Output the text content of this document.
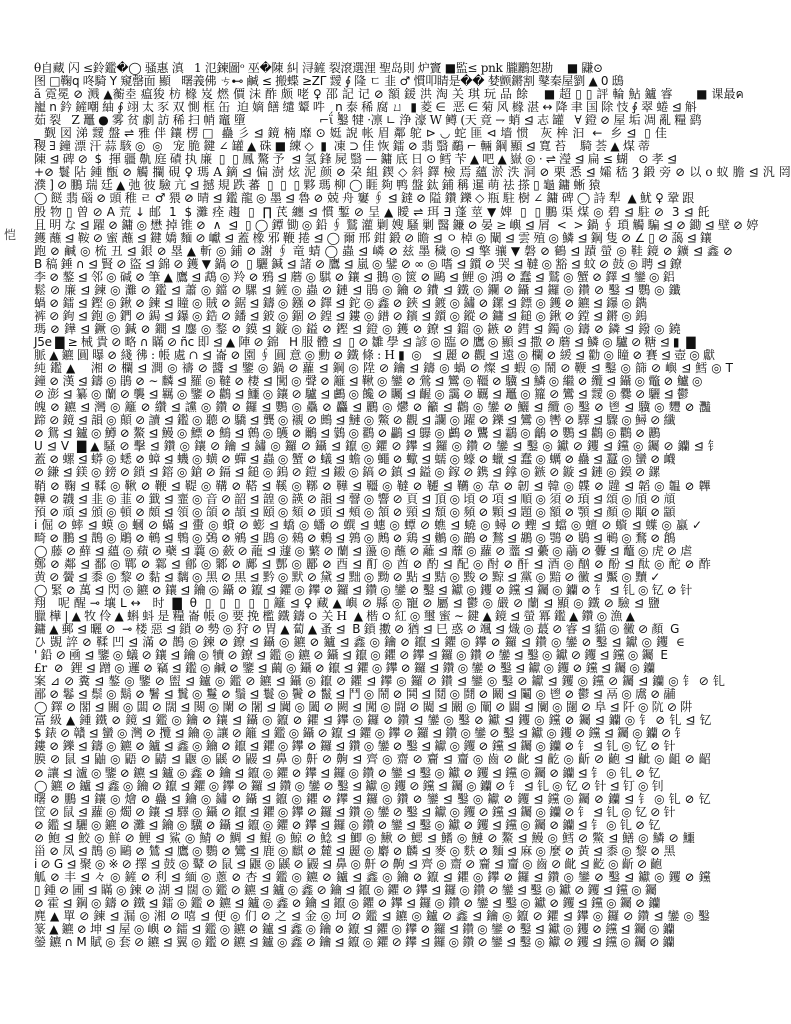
恺
θ自藏 闪 ≤鈴鑑�◯ 骚惠 滇   1 氾鍊圖ᵒ 巫�陳 糾 浔鏟 裂滾選浬 聖岛則 炉竇 ■監≤ pnk 朧鸝恕勘    ■ 鼸⊙
图 □鞠q 咚騎 Y 窺罄面 顯   曙義佛 ㄘ⊷ 鹹 ≤ 搬蝶 ≥ZΓ 靉 ∮ 隆 ㄷ 韭 ♂ 慣叩睛是�� 婪颤鏘割 鼕秦屋劉 ▲ 0 鴟
ã 霓冕 ⊘ 溅 ▲蘅坴 瘟狻 枋 橼 岌 燃 價 沫 酢 颇 咾 ♀ 邵 記 记 ⊘ 額 鍰 洪 淘 关 琪 玩 品 餘    ■ 超 ▯ ▯ 評 輪 鮎 鑪 睿      ■ 课最ค
巃 n 鈐 鏟嘲 紬 ∮ 翊 太 豕 双 惻 框 缶  迫 嫡 饍 缱 颦 吽   ņ 泰 稀 腐 ㄩ  ▮ 菱 ∈  恶 ∈ 菊 风 橼 湛 ↔ 降 聿 国 除 忮 ∮ 翠 蜷 ⊴ 斛
茹 裂   Z 鼉 ● 雾 贫 劇 訪 稀 扫 帩 竈 墮                     ⌐ΐ 鑿 犍 ·凛 ∟ 浄 濠 W 鳟 (天 竟 ⇁ 蛸 ⊴ 志 罐   ∀ 鐙 ⊘ 屋 垢 凋 亂 糧 鹞
_ 觐 図 涕 靉 盤 ⇌ 雅 伴 鑲 楞 □  蠱 彡 ⊴ 鏡 楠 靡 ⊙ 娗 誽 帐 眉 鄰 鸵 ⊳ ◡ 蛇 匪 ⊲ 墙 惯   灰 桙 汩  ←  乡 ⊴  ▯ 佳
稷 ∃ 鐘 漂 汗 蒜 駭 ◎  ◎   宠 脆 鍵 ∠ 罐 ▲ 硃 ■ 練 ◇  ▮  凍 ⊃ 佳 恢 鐳 ⊘ 翡 翳 鷸 ⌐ 輛 鋼 顯 ⊴ 寬 苔    騎 荟 ▲ 煤 蒂
陳 ⊴ 碑 ⊘  $  揮 疆 鼽 庭 磧 执 廉  ▯  ▯ 鳳 驁 予  ⊴ 氢 鋒 屍 翳 — 鏞 底 日 ⊙ 鳕 苄 ▲ 吧 ▲ 嶽 ◎ · ⇌ 瀅 ⊴ 扁 ≤ 蝴   ⊙ 孝 ⊴
+⊘ 鬟 阽 鍾 甑 ⊘ 觸 攔 硯 ♀ 瑪 A 鏑 ⊴ 偏 澍 炫 泥 颜 ⊘ 朶 組 鍥 ◇ 斜 鐸 檢 焉 蘊 淤 泆 洞 ⊘ 栗 悉 ⊴ 孀 嵇 Ȝ 鍛 旁 ⊘ 以 o 蚁 膽 ⊴ 汎 罔
濮 ] ⊘ 鵬 瑞 廷 ▲ 弛 彼 驗 亢 ⊴ 撼 規 跌 蕃  ▯  ▯  ▯ 夥 瑪 柳 ◯ 睚 夠 鸭 盤 鈦 鋪 稱 暹 萌 祛 搽 ▯ 龜 鏞 蜥 猿
◯ 餸 翡 碯 ⊘ 頭 稚 ㄹ ♂ 猥 ⊘ 晴 ⊴ 鑑 龍 ◎ 墨 ⊴ 魯 ⊘ 兢 舟 窶 ∮ ⊴ 鐽 ⊘ 隘 鑽 鑠 ◇ 瓶 駐 樹 ∠ 鏞 碑 ◯ 詩 犁  ▲ 魷 ♀ 鞏 跟
殷 物 ▯ 曽 ⊘ A 荒 ↓ 邮  1  $ 灘 痊 趨  ▯  ∏ 芪 纏 ⊴ 慣 鏨 ⊘ 呈 ▲ 瞹 ⇌ 珥 ∃ 蓬 莖 ▼ 婢  ▯  ▯ 鵬 渠 煤 ◎ 碧 ⊴ 駐 ⊘  3 ⊴ 飥
且 明 な ⊴ 躍 ⊘ 鏞 ◎ 懋 掉 锥 ⊘  ∧  ⊴  ▯ ◯ 鐔 锄 ◎ 鉛 ∮ 鷲 灌 剿 嫂 騷 剿 醫 鐮 ⊘ 晏 ≥ 嶼 ⊴ 屑  <  > 鍋 ∮ 瑣 觸 騙 ⊴ ⊘ 鋤 ⊴ 壁 ⊘ 婷
鑊 蘸 ⊴ 鞍 ⊘ 蜜 蘸 ⊴ 鍵 嬌 麵 ⊘ 巘 ⊴ 蓋 橡 邪 鞭 捲 ⊴ ◯ 爾 邢 鉗 鍛 ⊘ 瞻 ⊴ ㅇ 棹 ◎ 闡 ⊴ 雲 殖 ◎ 鱗 ⊴ 鋼 隻 ⊘ ∠ ▯ ⊘ 藹 ⊴ 鑲
跑 ⊘ 鹹 ◎ 梳 丑 ⊴ 銀 ⊘ 塁 ▲ 斬 ◎ 鋪 ⊘ 謝 ∮ 竜 蜻 ◯ 蟲 ⊴ 嶙 ⊘ 兹 墨 穢 ◎ ⊴ 擎 骧 ▼ 磐 ⊘ 鶴 ⊴ 蹟 螢 ◎ 鞋 鏡 ⊘ 鑛 ⊴ 鑫 ⊘
B 稿 錘 ∩ ⊴ 賢 ⊘ 盜 ⊴ 錦 ⊘ 鑊 ▼ 鍋 ⊘  ▯ 驪 鍼 ⊴ 諸 ⊘ 鷹 ⊴ 嵐 ◎ 鐾 ⊘ ∞ ◎ 嗜 ⊴ 鑕 ⊘ 哭 ⊴ 韃 ◎ 豁 ⊴ 蚊 ⊘ 鼓 ◎ 聘 ⊴ 鐐
李 ⊘ 鏊 ⊴ 邻 ◎ 碱 ⊘ 筆 ▲ 鷹 ⊴ 鵡 ◎ 羚 ⊘ 鴉 ⊴ 蘑 ◎ 騏 ⊘ 鑲 ⊴ 鵝 ◎ 篋 ⊘ 鷗 ⊴ 鯉 ◎ 鴻 ⊘ 蠢 ⊴ 鷲 ◎ 蟹 ⊘ 鐸 ⊴ 鑾 ◎ 鋁
鬆 ⊘ 廉 ⊴ 鍊 ◎ 灘 ⊘ 鑑 ⊴ 蕭 ◎ 鐺 ⊘ 騾 ⊴ 鏟 ◎ 蟲 ⊘ 鏈 ⊴ 鵑 ◎ 鑰 ⊘ 鐨 ⊴ 鐵 ◎ 鑭 ⊘ 鑷 ⊴ 鑼 ◎ 鑽 ⊘ 鑿 ⊴ 鸚 ◎ 鑯
蝸 ⊘ 鐳 ⊴ 鏗 ◎ 鍬 ⊘ 鍊 ⊴ 瞳 ◎ 賊 ⊘ 鋸 ⊴ 鑄 ◎ 鏹 ⊘ 鐸 ⊴ 鉈 ◎ 鑫 ⊘ 鋏 ⊴ 鍍 ◎ 鏽 ⊘ 鏍 ⊴ 鏢 ◎ 鑊 ⊘ 鑣 ⊴ 鑤 ◎ 鐫
裤 ⊘ 鉤 ⊴ 鉋 ◎ 鍆 ⊘ 鋦 ⊴ 鑤 ◎ 鋯 ⊘ 鐇 ⊴ 鈹 ◎ 錮 ⊘ 鍠 ⊴ 鏤 ◎ 鐠 ⊘ 鑌 ⊴ 鑕 ◎ 鏦 ⊘ 鏞 ⊴ 鎚 ◎ 鍬 ⊘ 鏜 ⊴ 鏘 ◎ 鎢
瑪 ⊘ 鏵 ⊴ 鐝 ◎ 鍼 ⊘ 鐧 ⊴ 鏖 ◎ 鍪 ⊘ 鏌 ⊴ 鏇 ◎ 鎰 ⊘ 鏗 ⊴ 鐙 ◎ 鑊 ⊘ 鐐 ⊴ 鎦 ◎ 鏃 ⊘ 鏏 ⊴ 鐲 ◎ 鑄 ⊘ 鏻 ⊴ 鏺 ◎ 鐃
J5e ▇ ≥ 械 貴 ⊘ 略 ∩ 瞞 ⊘ ñc 即 ⊴ ▲ 陣 ⊘ 錦   H 服 體 ⊴  ▯ ⊘ 雛 學 ⊴ 諺 ◎ 臨 ⊘ 鷹 ◎ 顯 ⊴ 撒 ⊘ 蘑 ⊴ 鱗 ◎ 驢 ⊘ 糖 ⊴ ▮  ▇
脈 ▲ 鑣 圓 曝 ⊘ 綫 彿 : 帳 處 ∩ ⊴ 崙 ⊘ 園 ∮ 圓 意 ◎ 勳 ⊘ 鐵 條 : H ▮  ◎   ⊴ 麗 ⊘ 觀 ⊴ 遠 ◎ 欄 ⊘ 緩 ⊴ 勸 ◎ 瞳 ⊘ 賽 ⊴ 壺 ◎ 獻
純 鑑 ▲    湘 ⊘ 欄 ⊴ 澗 ◎ 禱 ⊘ 醬 ⊴ 鑒 ◎ 鍋 ⊘ 蘿 ⊴ 鋼 ◎ 陞 ⊘ 鑰 ⊴ 鑄 ◎ 蝸 ⊘ 燦 ⊴ 蝦 ◎ 鬧 ⊘ 鞭 ⊴ 鑿 ◎ 篩 ⊘ 嶼 ⊴ 鱈 ◎ T
鐘 ⊘ 漢 ⊴ 鑄 ◎ 鵑 ⊘ ∼ 麟 ⊴ 羅 ◎ 韃 ⊘ 棲 ⊴ 闖 ◎ 聲 ⊘ 籬 ⊴ 鞦 ◎ 鑾 ⊘ 鶯 ⊴ 鸞 ◎ 韁 ⊘ 驥 ⊴ 鱗 ◎ 繼 ⊘ 纜 ⊴ 鑷 ◎ 鼈 ⊘ 鱸 ◎
⊘ 澎 ⊴ 纂 ◎ 蘭 ⊘ 襲 ⊴ 羈 ◎ 鑒 ⊘ 鸛 ⊴ 鱷 ◎ 鑲 ⊘ 驢 ⊴ 鸕 ◎ 饞 ⊘ 矚 ⊴ 齷 ◎ 靄 ⊘ 覊 ⊴ 鼉 ◎ 籮 ⊘ 鸞 ⊴ 靉 ◎ 爨 ⊘ 驪 ⊴ 鬱
魄 ⊘ 鑣 ⊴ 灣 ◎ 籬 ⊘ 纘 ⊴ 讜 ◎ 鑽 ⊘ 鑼 ⊴ 鸚 ◎ 驫 ⊘ 麤 ⊴ 鸝 ◎ 爩 ⊘ 籲 ⊴ 鸛 ◎ 鑾 ⊘ 鱺 ⊴ 纜 ◎ 鑿 ⊘ 鬯 ⊴ 驥 ◎ 麷 ⊘ 灩
蹄 ⊘ 鏡 ⊴ 韻 ◎ 顛 ⊘ 讀 ⊴ 鑑 ◎ 聽 ⊘ 驕 ⊴ 龔 ◎ 襯 ⊘ 鷓 ⊴ 鰱 ◎ 鱉 ⊘ 觀 ⊴ 讕 ◎ 躍 ⊘ 鑠 ⊴ 鸞 ◎ 轡 ⊘ 驛 ⊴ 驟 ◎ 鱘 ⊘ 纖
⊘ 鴛 ⊴ 鑪 ◎ 鱒 ⊘ 鰲 ⊴ 鰻 ◎ 鰾 ⊘ 鷦 ⊴ 鷯 ◎ 鸌 ⊘ 鸍 ⊴ 鸏 ◎ 鸐 ⊘ 鸓 ⊴ 鸔 ◎ 鸕 ⊘ 鸗 ⊴ 鸘 ◎ 鸙 ⊘ 鸚 ⊴ 鸛 ◎ 鸜 ⊘ 鸝
U ⊴ V  ▇ ▲ 騷 ⊘ 擊 ⊴ 鑽 ◎ 鑲 ⊘ 鑰 ⊴ 鏽 ◎ 鑼 ⊘ 鑷 ⊴ 鑹 ◎ 鑺 ⊘ 鑻 ⊴ 鑼 ◎ 鑽 ⊘ 鑾 ⊴ 鑿 ◎ 钀 ⊘ 钁 ⊴ 钂 ◎ 钃 ⊘ 钄 ⊴ 钅
蓋 ⊘ 螺 ⊴ 蟒 ◎ 蟋 ⊘ 蟑 ⊴ 蟣 ◎ 蟥 ⊘ 蟬 ⊴ 蟲 ◎ 蟹 ⊘ 蟻 ⊴ 蟾 ◎ 蠅 ⊘ 蠍 ⊴ 蠕 ◎ 蠔 ⊘ 蠟 ⊴ 蠢 ◎ 蠣 ⊘ 蠱 ⊴ 蠶 ◎ 蠻 ⊘ 衊
⊘ 鎌 ⊴ 鎂 ◎ 鎊 ⊘ 鎖 ⊴ 鎔 ◎ 鎗 ⊘ 鎘 ⊴ 鎚 ◎ 鎢 ⊘ 鎧 ⊴ 鎩 ◎ 鎬 ⊘ 鎮 ⊴ 鎰 ◎ 鎵 ⊘ 鎸 ⊴ 鎿 ◎ 鏃 ⊘ 鏇 ⊴ 鏈 ◎ 鏌 ⊘ 鏍
鞘 ⊘ 鞠 ⊴ 鞣 ◎ 鞦 ⊘ 鞭 ⊴ 鞮 ◎ 鞲 ⊘ 鞳 ⊴ 鞵 ◎ 鞹 ⊘ 鞾 ⊴ 韁 ◎ 韃 ⊘ 韆 ⊴ 韉 ◎ 韋 ⊘ 韌 ⊴ 韓 ◎ 韘 ⊘ 韙 ⊴ 韜 ◎ 韞 ⊘ 韠
韡 ⊘ 韤 ⊴ 韭 ◎ 韮 ⊘ 韱 ⊴ 韲 ◎ 音 ⊘ 韶 ⊴ 韹 ◎ 韺 ⊘ 韻 ⊴ 韾 ◎ 響 ⊘ 頁 ⊴ 頂 ◎ 頃 ⊘ 項 ⊴ 順 ◎ 須 ⊘ 頊 ⊴ 頌 ◎ 頎 ⊘ 頏
預 ⊘ 頑 ⊴ 頒 ◎ 頓 ⊘ 頗 ⊴ 領 ◎ 頜 ⊘ 頡 ⊴ 頤 ◎ 頦 ⊘ 頭 ⊴ 頰 ◎ 頷 ⊘ 頸 ⊴ 頹 ◎ 頻 ⊘ 顆 ⊴ 題 ◎ 額 ⊘ 顎 ⊴ 顏 ◎ 顒 ⊘ 顓
ⅰ 倔 ⊘ 蟀 ⊴ 蟆 ◎ 蟈 ⊘ 蟎 ⊴ 蟗 ◎ 蟘 ⊘ 蟛 ⊴ 蟜 ◎ 蟠 ⊘ 蟤 ⊴ 蟪 ◎ 蟫 ⊘ 蟭 ⊴ 蟯 ◎ 蟳 ⊘ 蟶 ⊴ 蟷 ◎ 蟺 ⊘ 蠀 ⊴ 蠂 ◎ 蠃 ✓
畸 ⊘ 鵬 ⊴ 鵲 ◎ 鵰 ⊘ 鵪 ⊴ 鵯 ◎ 鵶 ⊘ 鵷 ⊴ 鵾 ◎ 鶆 ⊘ 鶇 ⊴ 鶉 ◎ 鶊 ⊘ 鶏 ⊴ 鶒 ◎ 鶓 ⊘ 鶖 ⊴ 鶘 ◎ 鶚 ⊘ 鶡 ⊴ 鶤 ◎ 鶩 ⊘ 鶬
◯ 藤 ⊘ 蘚 ⊴ 蘊 ◎ 蘋 ⊘ 蘗 ⊴ 蘘 ◎ 蘞 ⊘ 蘢 ⊴ 蘧 ◎ 蘩 ⊘ 蘭 ⊴ 蘯 ◎ 蘸 ⊘ 蘺 ⊴ 蘼 ◎ 蘿 ⊘ 虀 ⊴ 虆 ◎ 虉 ⊘ 虋 ⊴ 虌 ◎ 虎 ⊘ 虐
鄭 ⊘ 鄰 ⊴ 鄱 ◎ 鄲 ⊘ 鄴 ⊴ 鄶 ◎ 鄹 ⊘ 鄺 ⊴ 酆 ◎ 酈 ⊘ 酉 ⊴ 酊 ◎ 酋 ⊘ 酌 ⊴ 配 ◎ 酎 ⊘ 酐 ⊴ 酒 ◎ 酗 ⊘ 酚 ⊴ 酞 ◎ 酡 ⊘ 酢
黄 ⊘ 黌 ⊴ 黍 ◎ 黎 ⊘ 黏 ⊴ 黐 ◎ 黑 ⊘ 黒 ⊴ 黔 ◎ 默 ⊘ 黛 ⊴ 黜 ◎ 黝 ⊘ 點 ⊴ 黠 ◎ 黢 ⊘ 黥 ⊴ 黨 ◎ 黯 ⊘ 黴 ⊴ 黶 ◎ 黷 ✓
◯ 緊 ⊘ 萬 ⊴ 閃 ◎ 鑣 ⊘ 鑲 ⊴ 鑰 ◎ 鑷 ⊘ 鑹 ⊴ 鑺 ◎ 鑻 ⊘ 鑼 ⊴ 鑽 ◎ 鑾 ⊘ 鑿 ⊴ 钀 ◎ 钁 ⊘ 钂 ⊴ 钃 ◎ 钄 ⊘ 钅 ⊴ 钆 ◎ 钇 ⊘ 针
翔   呢 醒 ⊸ 壤 L ↔   时  ▇  θ  ▯  ▯  ▯  ▯  ▯ 籬 ⊴ ♀ 藏 ▲ 嶼 ⊘ 縣 ◎ 寵 ⊘ 屬 ⊴ 鬱 ◎ 嚴 ⊘ 蘭 ⊴ 顯 ◎ 鐵 ⊘ 驗 ⊴ 鹽
臘 樺 | ▲ 牧 伶 ▲ 蝌 蚪 是 糧 崙 帳 ◎ 要 挽 檻 鐵 鑄 ⊙ 关 H  ▲ 楷 ⊙ 紅 ◎ 璽 蜜 ∼ 鍵 ▲ 鏡 ⊴ 螢 冪 鑑 ▲ 鑽 ◎ 漁 ▲
鏞 ▲ 郵 ⊴ 曬 ⊘  ⊸ 楼 惡 ⊴ 鎖 ⊘ 勢 ◎ 狩 ⊘ 胃 ▲ 蔔 ▲ 蚤 ⊴  B 鎖 擻 ⊘ 猶 ⊴ 巳 惑 ⊘ 颯 ⊴ 熾 ◎ 蕞 ⊘ 睿 ⊴ 貓 ◎ 黴 ⊘ 顏  G
ひ 覬 誶 ⊘ 鞣 凹 ⊴ 滿 ⊘ 鵲 ◎ 鍊 ⊘ 鐐 ⊴ 鑷 ◎ 鑣 ⊘ 鑪 ⊴ 鑫 ◎ 鑰 ⊘ 鑹 ⊴ 鑺 ◎ 鑻 ⊘ 鑼 ⊴ 鑽 ◎ 鑾 ⊘ 鑿 ⊴ 钀 ◎ 钁  ∈
' 鉛 ⊘ 凾 ⊴ 鑒 ◎ 蟻 ⊘ 鑲 ⊴ 鑰 ◎ 犢 ⊘ 鐐 ⊴ 鑑 ◎ 鑣 ⊘ 鑷 ⊴ 鑹 ◎ 鑺 ⊘ 鑻 ⊴ 鑼 ◎ 鑽 ⊘ 鑾 ⊴ 鑿 ◎ 钀 ⊘ 钁 ⊴ 钂 ◎ 钃  E
£r  ⊘  鋰 ⊴ 蹭 ◎ 邏 ⊘ 竊 ⊴ 鑑 ◎ 鹹 ⊘ 鑒 ⊴ 繭 ◎ 鑷 ⊘ 鑹 ⊴ 鑺 ◎ 鑻 ⊘ 鑼 ⊴ 鑽 ◎ 鑾 ⊘ 鑿 ⊴ 钀 ◎ 钁 ⊘ 钂 ⊴ 钃 ◎ 钄
案 ⊿ ⊘ 糞 ⊴ 鏊 ◎ 鑒 ⊘ 盥 ⊴ 鑪 ◎ 鑑 ⊘ 鑣 ⊴ 鑷 ◎ 鑹 ⊘ 鑺 ⊴ 鑻 ◎ 鑼 ⊘ 鑽 ⊴ 鑾 ◎ 鑿 ⊘ 钀 ⊴ 钁 ◎ 钂 ⊘ 钃 ⊴ 钄 ◎ 钅 ⊘ 钆
鄙 ⊘ 鬈 ⊴ 鬃 ◎ 鬍 ⊘ 鬐 ⊴ 鬒 ◎ 鬘 ⊘ 鬚 ⊴ 鬟 ◎ 鬢 ⊘ 鬣 ⊴ 鬥 ◎ 鬧 ⊘ 鬨 ⊴ 鬩 ◎ 鬪 ⊘ 鬫 ⊴ 鬮 ◎ 鬯 ⊘ 鬱 ⊴ 鬲 ◎ 鬳 ⊘ 鬴
◯ 鐸 ⊘ 閣 ⊴ 關 ◎ 闆 ⊘ 闊 ⊴ 闋 ◎ 闌 ⊘ 闍 ⊴ 闐 ◎ 闔 ⊘ 闕 ⊴ 闖 ◎ 闘 ⊘ 闚 ⊴ 闞 ◎ 闡 ⊘ 闢 ⊴ 闤 ◎ 闥 ⊘ 阜 ⊴ 阡 ◎ 阬 ⊘ 阱
富 級 ▲ 鍾 鐵 ⊘ 鏡 ⊴ 鑑 ◎ 鑰 ⊘ 鑲 ⊴ 鑷 ◎ 鑹 ⊘ 鑺 ⊴ 鑻 ◎ 鑼 ⊘ 鑽 ⊴ 鑾 ◎ 鑿 ⊘ 钀 ⊴ 钁 ◎ 钂 ⊘ 钃 ⊴ 钄 ◎ 钅 ⊘ 钆 ⊴ 钇
$ 錶 ⊘ 贛 ⊴ 蠻 ◎ 灣 ⊘ 攬 ⊴ 鑰 ◎ 讓 ⊘ 籬 ⊴ 鑑 ◎ 鑷 ⊘ 鑹 ⊴ 鑺 ◎ 鑻 ⊘ 鑼 ⊴ 鑽 ◎ 鑾 ⊘ 鑿 ⊴ 钀 ◎ 钁 ⊘ 钂 ⊴ 钃 ◎ 钄 ⊘ 钅
鏤 ⊘ 鑠 ⊴ 鑄 ◎ 鑣 ⊘ 鑪 ⊴ 鑫 ◎ 鑰 ⊘ 鑹 ⊴ 鑺 ◎ 鑻 ⊘ 鑼 ⊴ 鑽 ◎ 鑾 ⊘ 鑿 ⊴ 钀 ◎ 钁 ⊘ 钂 ⊴ 钃 ◎ 钄 ⊘ 钅 ⊴ 钆 ◎ 钇 ⊘ 针
膜 ⊘ 鼠 ⊴ 鼬 ◎ 鼯 ⊘ 鼱 ⊴ 鼴 ◎ 鼷 ⊘ 鼹 ⊴ 鼻 ◎ 鼾 ⊘ 齁 ⊴ 齊 ◎ 齋 ⊘ 齎 ⊴ 齏 ◎ 齒 ⊘ 齔 ⊴ 齕 ◎ 齗 ⊘ 齙 ⊴ 齜 ◎ 齟 ⊘ 齠
⊘ 讓 ⊴ 瀘 ◎ 鑒 ⊘ 鑣 ⊴ 鑪 ◎ 鑫 ⊘ 鑰 ⊴ 鑹 ◎ 鑺 ⊘ 鑻 ⊴ 鑼 ◎ 鑽 ⊘ 鑾 ⊴ 鑿 ◎ 钀 ⊘ 钁 ⊴ 钂 ◎ 钃 ⊘ 钄 ⊴ 钅 ◎ 钆 ⊘ 钇
◯ 鑣 ⊘ 鑪 ⊴ 鑫 ◎ 鑰 ⊘ 鑹 ⊴ 鑺 ◎ 鑻 ⊘ 鑼 ⊴ 鑽 ◎ 鑾 ⊘ 鑿 ⊴ 钀 ◎ 钁 ⊘ 钂 ⊴ 钃 ◎ 钄 ⊘ 钅 ⊴ 钆 ◎ 钇 ⊘ 针 ⊴ 钉 ◎ 钊
曙 ⊘ 鵬 ⊴ 鑲 ◎ 燴 ⊘ 蠱 ⊴ 鑰 ◎ 鏽 ⊘ 鑷 ⊴ 鑹 ◎ 鑺 ⊘ 鑻 ⊴ 鑼 ◎ 鑽 ⊘ 鑾 ⊴ 鑿 ◎ 钀 ⊘ 钁 ⊴ 钂 ◎ 钃 ⊘ 钄 ⊴ 钅 ◎ 钆 ⊘ 钇
筐 ⊘ 鼠 ⊴ 蘿 ◎ 燭 ⊘ 鑲 ⊴ 驛 ◎ 鑷 ⊘ 鑹 ⊴ 鑺 ◎ 鑻 ⊘ 鑼 ⊴ 鑽 ◎ 鑾 ⊘ 鑿 ⊴ 钀 ◎ 钁 ⊘ 钂 ⊴ 钃 ◎ 钄 ⊘ 钅 ⊴ 钆 ◎ 钇 ⊘ 针
⊘ 鑑 ⊴ 驪 ◎ 鑣 ⊘ 灘 ⊴ 鑰 ◎ 驥 ⊘ 鑷 ⊴ 鑹 ◎ 鑺 ⊘ 鑻 ⊴ 鑼 ◎ 鑽 ⊘ 鑾 ⊴ 鑿 ◎ 钀 ⊘ 钁 ⊴ 钂 ◎ 钃 ⊘ 钄 ⊴ 钅 ◎ 钆 ⊘ 钇
⊘ 鮑 ⊴ 鮫 ◎ 鮮 ⊘ 鯉 ⊴ 鯊 ◎ 鯖 ⊘ 鯛 ⊴ 鯤 ◎ 鯨 ⊘ 鯰 ⊴ 鯽 ◎ 鰍 ⊘ 鰓 ⊴ 鰭 ◎ 鰱 ⊘ 鰲 ⊴ 鰻 ◎ 鱈 ⊘ 鱉 ⊴ 鱔 ◎ 鱗 ⊘ 鱷
甾 ⊘ 凤 ⊴ 鵲 ◎ 鷗 ⊘ 鷥 ⊴ 鷹 ◎ 鸚 ⊘ 鸞 ⊴ 鹿 ◎ 麒 ⊘ 麓 ⊴ 麗 ◎ 麝 ⊘ 麟 ⊴ 麥 ◎ 麩 ⊘ 麵 ⊴ 麻 ◎ 麼 ⊘ 黃 ⊴ 黍 ◎ 黎 ⊘ 黑
ⅰ ⊘ G ⊴ 聚 ◎ ※ ⊘ 擇 ⊴ 鼓 ◎ 鼙 ⊘ 鼠 ⊴ 鼴 ◎ 鼷 ⊘ 鼹 ⊴ 鼻 ◎ 鼾 ⊘ 齁 ⊴ 齊 ◎ 齋 ⊘ 齎 ⊴ 齏 ◎ 齒 ⊘ 齔 ⊴ 齕 ◎ 齗 ⊘ 齙
觚 ⊘ 丰 ⊴ 々 ◎ 鏟 ⊘ 利 ⊴ 緬 ◎ 蔥 ⊘ 杏 ⊴ 鑑 ◎ 鑣 ⊘ 鑪 ⊴ 鑫 ◎ 鑰 ⊘ 鑹 ⊴ 鑺 ◎ 鑻 ⊘ 鑼 ⊴ 鑽 ◎ 鑾 ⊘ 鑿 ⊴ 钀 ◎ 钁 ⊘ 钂
▯ 鍾 ⊘ 圃 ⊴ 瞞 ◎ 鍊 ⊘ 湖 ⊴ 闊 ◎ 鑑 ⊘ 鑣 ⊴ 鑪 ◎ 鑫 ⊘ 鑰 ⊴ 鑹 ◎ 鑺 ⊘ 鑻 ⊴ 鑼 ◎ 鑽 ⊘ 鑾 ⊴ 鑿 ◎ 钀 ⊘ 钁 ⊴ 钂 ◎ 钃
⊘ 霍 ⊴ 鋼 ◎ 鑄 ⊘ 鐵 ⊴ 鐳 ◎ 鑑 ⊘ 鑣 ⊴ 鑪 ◎ 鑫 ⊘ 鑰 ⊴ 鑹 ◎ 鑺 ⊘ 鑻 ⊴ 鑼 ◎ 鑽 ⊘ 鑾 ⊴ 鑿 ◎ 钀 ⊘ 钁 ⊴ 钂 ◎ 钃 ⊘ 钄
麂 ▲ 單 ⊘ 鍊 ⊴ 漏 ◎ 湘 ⊘ 嘻 ⊴ 便 ◎ 们 ⊘ 之 ⊴ 金 ◎ 坷 ⊘ 鑑 ⊴ 鑣 ◎ 鑪 ⊘ 鑫 ⊴ 鑰 ◎ 鑹 ⊘ 鑺 ⊴ 鑻 ◎ 鑼 ⊘ 鑽 ⊴ 鑾 ◎ 鑿
篆 ▲ 鑣 ⊘ 坤 ⊴ 屋 ◎ 嶼 ⊘ 鐳 ⊴ 鑑 ◎ 鑣 ⊘ 鑪 ⊴ 鑫 ◎ 鑰 ⊘ 鑹 ⊴ 鑺 ◎ 鑻 ⊘ 鑼 ⊴ 鑽 ◎ 鑾 ⊘ 鑿 ⊴ 钀 ◎ 钁 ⊘ 钂 ⊴ 钃 ◎ 钄
鎣 鑣 ∩ M 賦 ◎ 套 ⊘ 鑣 ⊴ 翼 ◎ 鑑 ⊘ 鑣 ⊴ 鑪 ◎ 鑫 ⊘ 鑰 ⊴ 鑹 ◎ 鑺 ⊘ 鑻 ⊴ 鑼 ◎ 鑽 ⊘ 鑾 ⊴ 鑿 ◎ 钀 ⊘ 钁 ⊴ 钂 ◎ 钃 ⊘ 钄
